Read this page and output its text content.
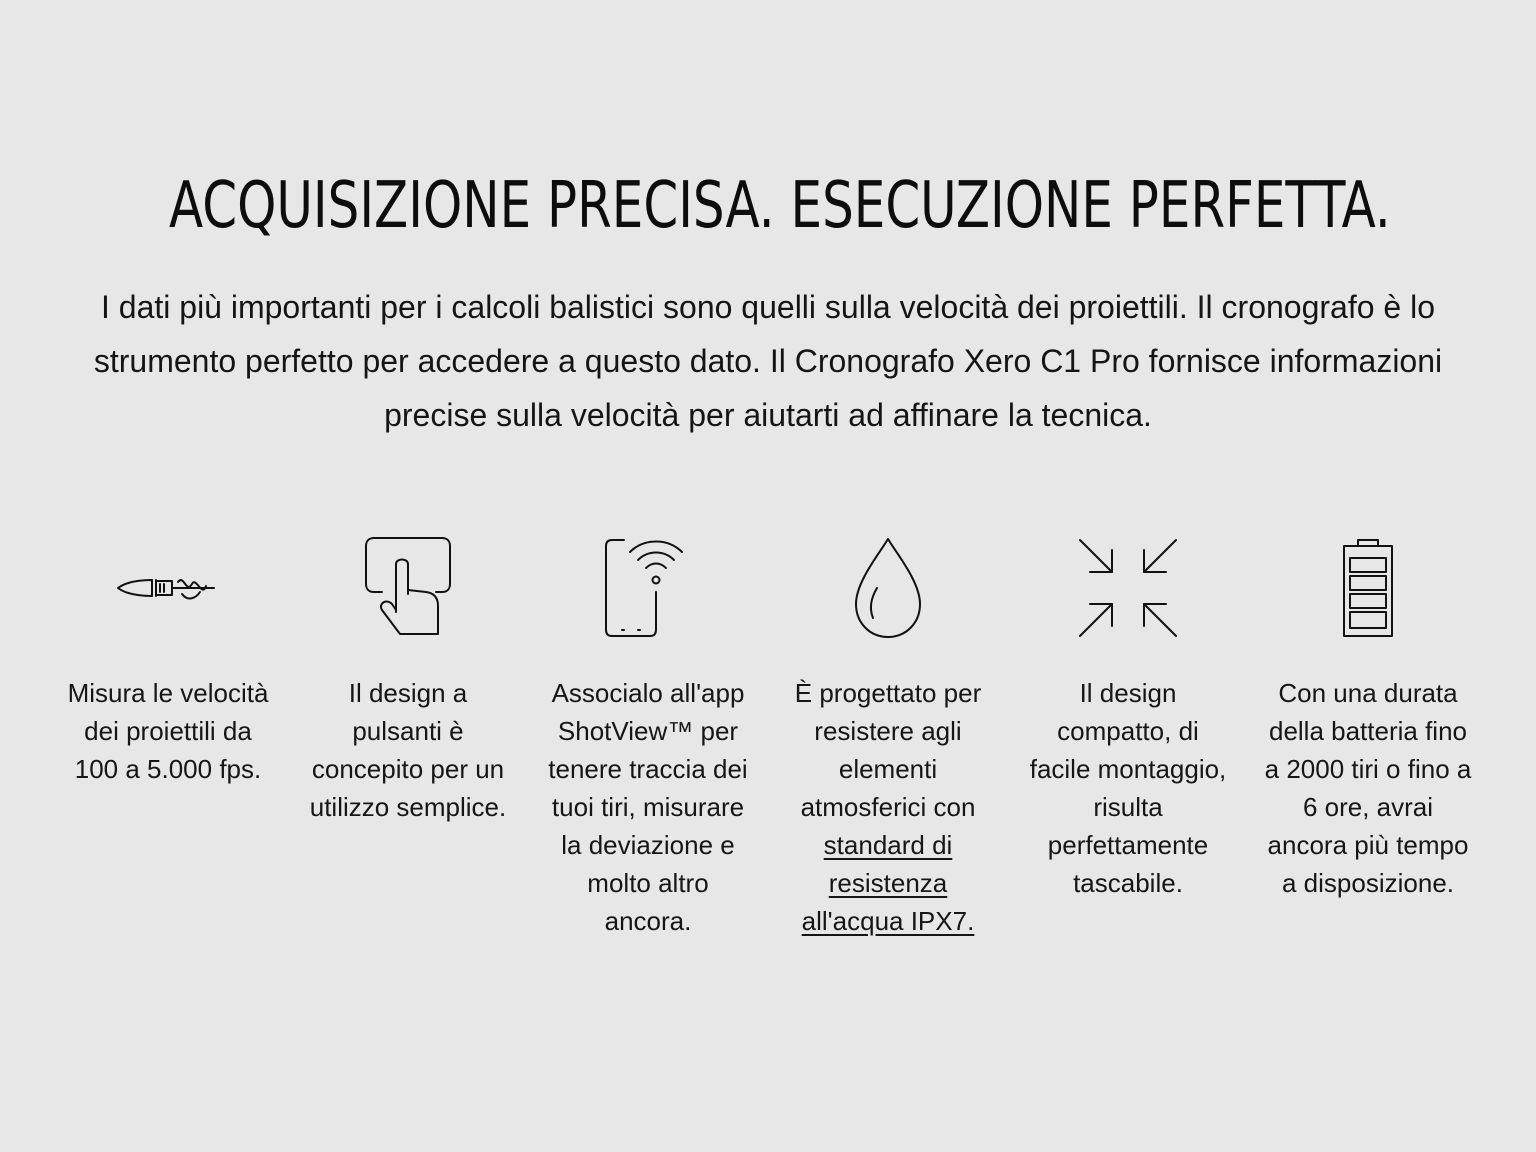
ACQUISIZIONE PRECISA. ESECUZIONE PERFETTA.

I dati più importanti per i calcoli balistici sono quelli sulla velocità dei proiettili. Il cronografo è lo strumento perfetto per accedere a questo dato. Il Cronografo Xero C1 Pro fornisce informazioni precise sulla velocità per aiutarti ad affinare la tecnica.

Misura le velocità dei proiettili da 100 a 5.000 fps.
Il design a pulsanti è concepito per un utilizzo semplice.
Associalo all'app ShotView™ per tenere traccia dei tuoi tiri, misurare la deviazione e molto altro ancora.
È progettato per resistere agli elementi atmosferici con standard di resistenza all'acqua IPX7.
Il design compatto, di facile montaggio, risulta perfettamente tascabile.
Con una durata della batteria fino a 2000 tiri o fino a 6 ore, avrai ancora più tempo a disposizione.
